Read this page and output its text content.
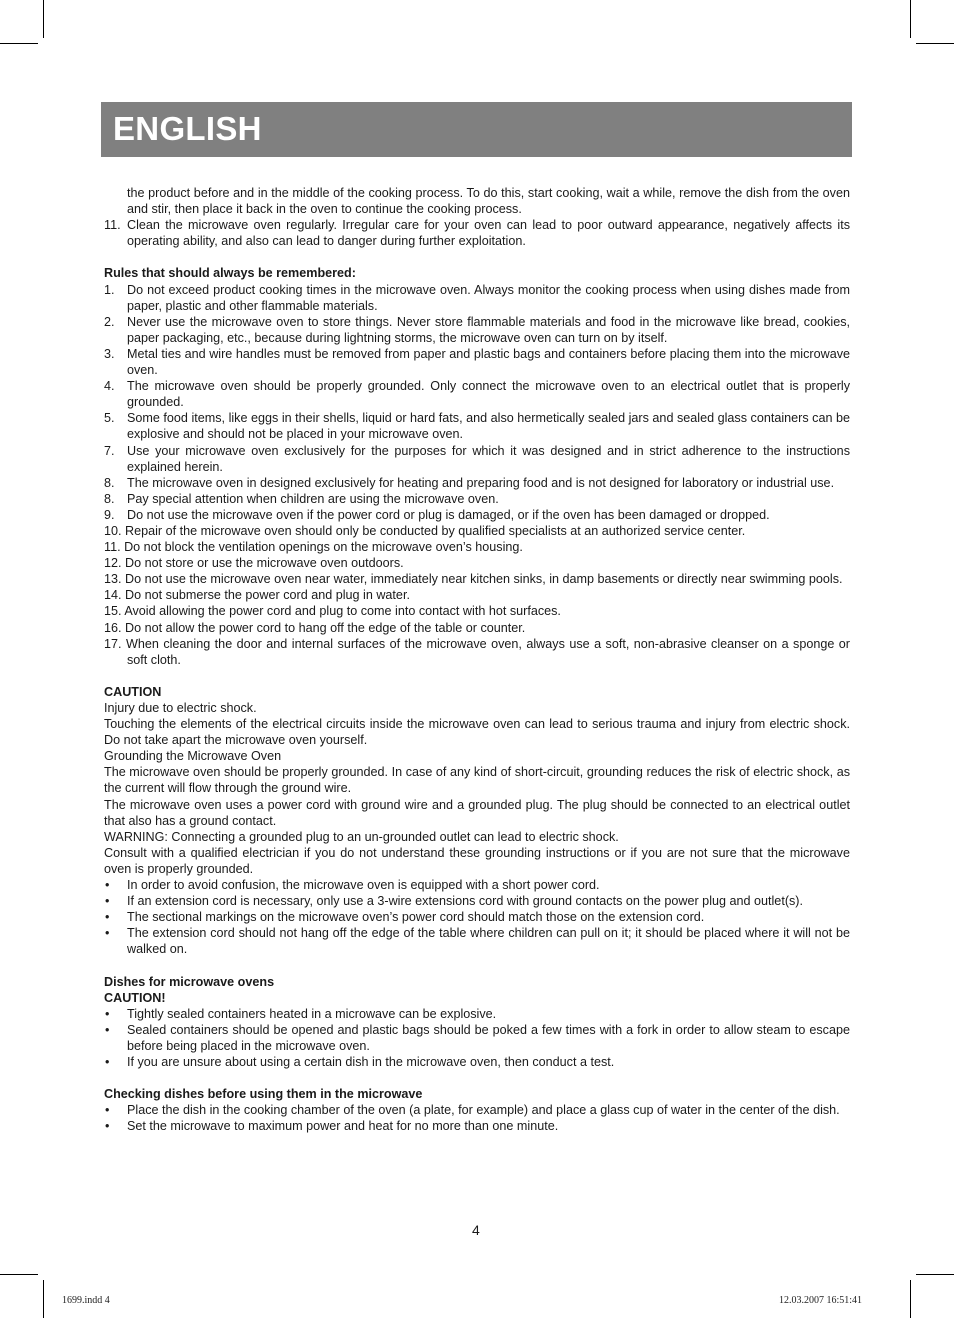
ENGLISH
the product before and in the middle of the cooking process. To do this, start cooking, wait a while, remove the dish from the oven and stir, then place it back in the oven to continue the cooking process.
11. Clean the microwave oven regularly. Irregular care for your oven can lead to poor outward appearance, negatively affects its operating ability, and also can lead to danger during further exploitation.
Rules that should always be remembered:
1. Do not exceed product cooking times in the microwave oven. Always monitor the cooking process when using dishes made from paper, plastic and other flammable materials.
2. Never use the microwave oven to store things. Never store flammable materials and food in the microwave like bread, cookies, paper packaging, etc., because during lightning storms, the microwave oven can turn on by itself.
3. Metal ties and wire handles must be removed from paper and plastic bags and containers before placing them into the microwave oven.
4. The microwave oven should be properly grounded. Only connect the microwave oven to an electrical outlet that is properly grounded.
5. Some food items, like eggs in their shells, liquid or hard fats, and also hermetically sealed jars and sealed glass containers can be explosive and should not be placed in your microwave oven.
7. Use your microwave oven exclusively for the purposes for which it was designed and in strict adherence to the instructions explained herein.
8. The microwave oven in designed exclusively for heating and preparing food and is not designed for laboratory or industrial use.
8. Pay special attention when children are using the microwave oven.
9. Do not use the microwave oven if the power cord or plug is damaged, or if the oven has been damaged or dropped.
10. Repair of the microwave oven should only be conducted by qualified specialists at an authorized service center.
11. Do not block the ventilation openings on the microwave oven’s housing.
12. Do not store or use the microwave oven outdoors.
13. Do not use the microwave oven near water, immediately near kitchen sinks, in damp basements or directly near swimming pools.
14. Do not submerse the power cord and plug in water.
15. Avoid allowing the power cord and plug to come into contact with hot surfaces.
16. Do not allow the power cord to hang off the edge of the table or counter.
17. When cleaning the door and internal surfaces of the microwave oven, always use a soft, non-abrasive cleanser on a sponge or soft cloth.
CAUTION
Injury due to electric shock.
Touching the elements of the electrical circuits inside the microwave oven can lead to serious trauma and injury from electric shock. Do not take apart the microwave oven yourself.
Grounding the Microwave Oven
The microwave oven should be properly grounded. In case of any kind of short-circuit, grounding reduces the risk of electric shock, as the current will flow through the ground wire.
The microwave oven uses a power cord with ground wire and a grounded plug. The plug should be connected to an electrical outlet that also has a ground contact.
WARNING: Connecting a grounded plug to an un-grounded outlet can lead to electric shock.
Consult with a qualified electrician if you do not understand these grounding instructions or if you are not sure that the microwave oven is properly grounded.
• In order to avoid confusion, the microwave oven is equipped with a short power cord.
• If an extension cord is necessary, only use a 3-wire extensions cord with ground contacts on the power plug and outlet(s).
• The sectional markings on the microwave oven’s power cord should match those on the extension cord.
• The extension cord should not hang off the edge of the table where children can pull on it; it should be placed where it will not be walked on.
Dishes for microwave ovens
CAUTION!
• Tightly sealed containers heated in a microwave can be explosive.
• Sealed containers should be opened and plastic bags should be poked a few times with a fork in order to allow steam to escape before being placed in the microwave oven.
• If you are unsure about using a certain dish in the microwave oven, then conduct a test.
Checking dishes before using them in the microwave
• Place the dish in the cooking chamber of the oven (a plate, for example) and place a glass cup of water in the center of the dish.
• Set the microwave to maximum power and heat for no more than one minute.
4
1699.indd 4	12.03.2007 16:51:41
